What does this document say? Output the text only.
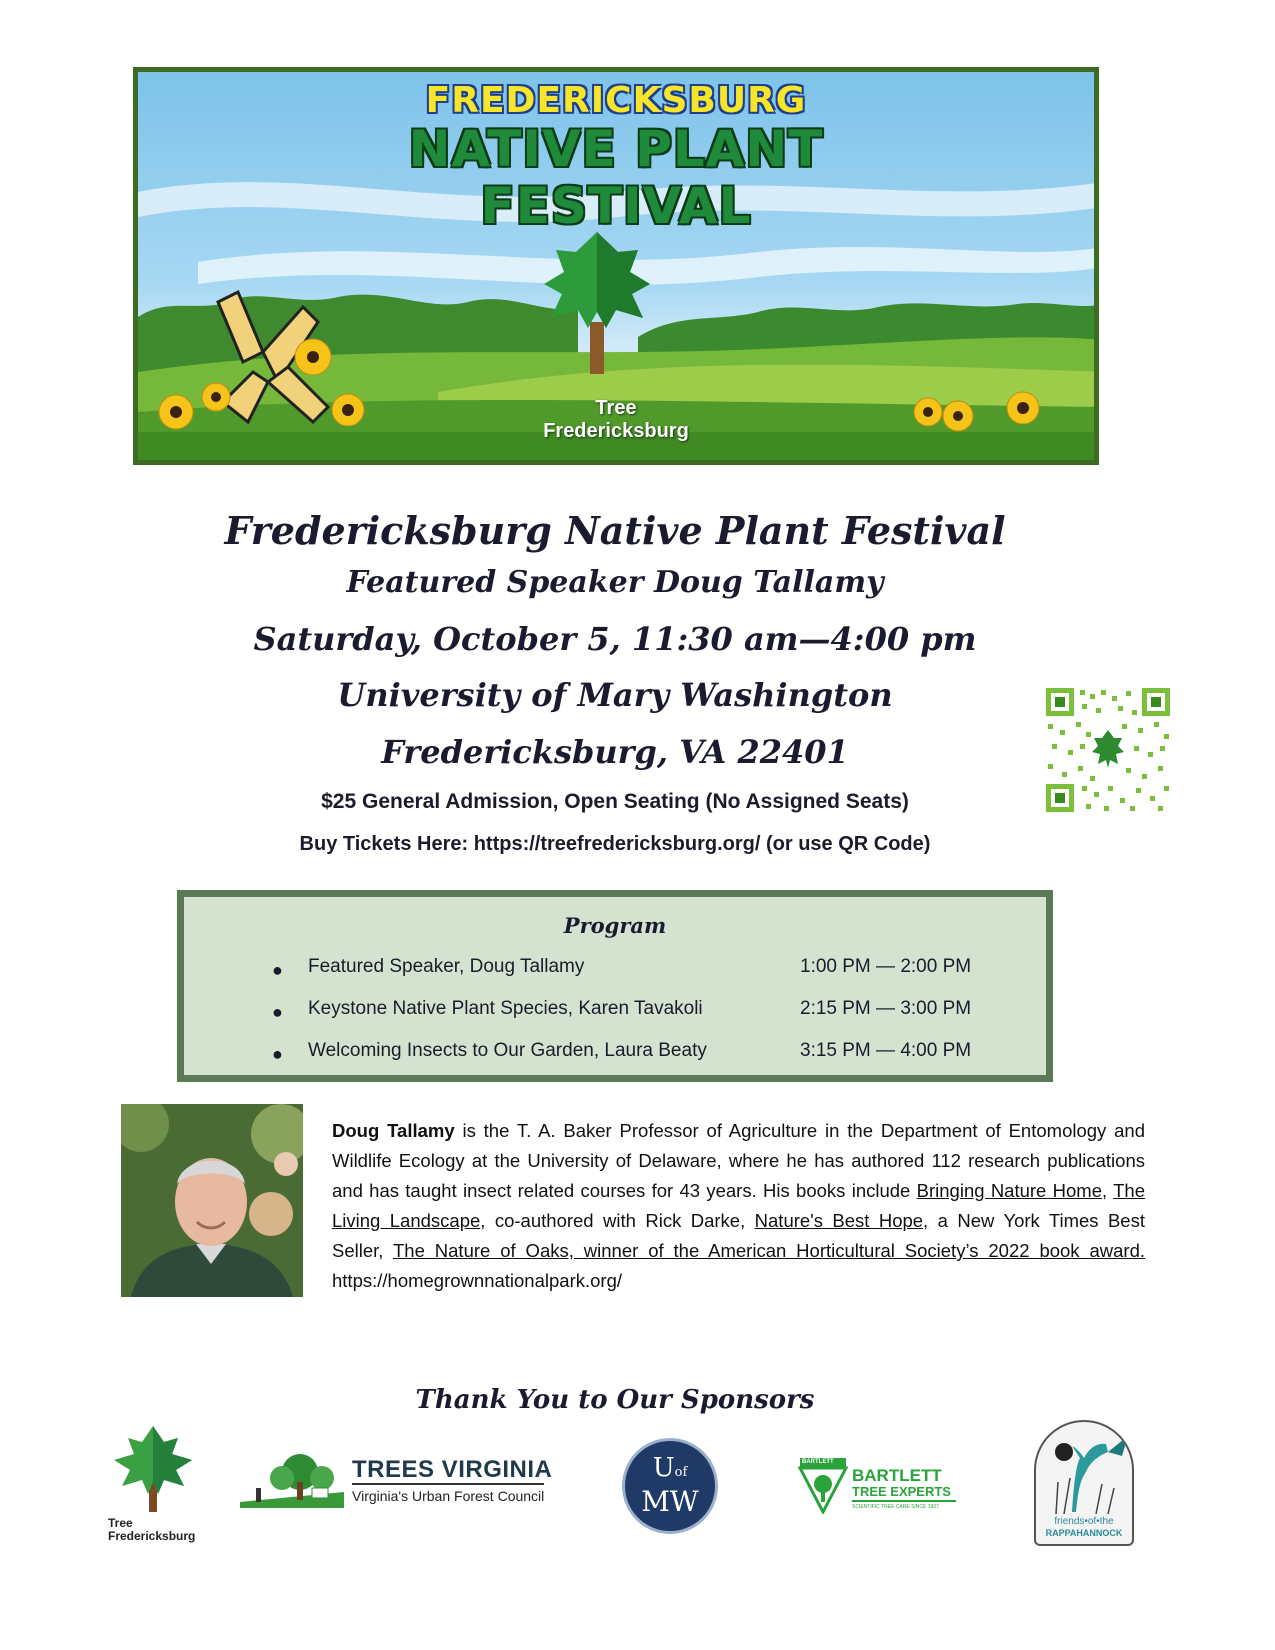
FREDERICKSBURG
NATIVE PLANT
FESTIVAL
Tree
Fredericksburg
Fredericksburg Native Plant Festival
Featured Speaker Doug Tallamy
Saturday, October 5, 11:30 am—4:00 pm
University of Mary Washington
Fredericksburg, VA 22401
$25 General Admission, Open Seating (No Assigned Seats)
Buy Tickets Here: https://treefredericksburg.org/ (or use QR Code)
Program
● Featured Speaker, Doug Tallamy	1:00 PM — 2:00 PM
● Keystone Native Plant Species, Karen Tavakoli	2:15 PM — 3:00 PM
● Welcoming Insects to Our Garden, Laura Beaty	3:15 PM — 4:00 PM
Doug Tallamy is the T. A. Baker Professor of Agriculture in the Department of Entomology and Wildlife Ecology at the University of Delaware, where he has authored 112 research publications and has taught insect related courses for 43 years. His books include Bringing Nature Home, The Living Landscape, co-authored with Rick Darke, Nature's Best Hope, a New York Times Best Seller, The Nature of Oaks, winner of the American Horticultural Society’s 2022 book award. https://homegrownnationalpark.org/
Thank You to Our Sponsors
Tree
Fredericksburg
TREES VIRGINIA
Virginia's Urban Forest Council
Uof
MW
BARTLETT
BARTLETT
TREE EXPERTS
SCIENTIFIC TREE CARE SINCE 1907
friends•of•the
RAPPAHANNOCK
